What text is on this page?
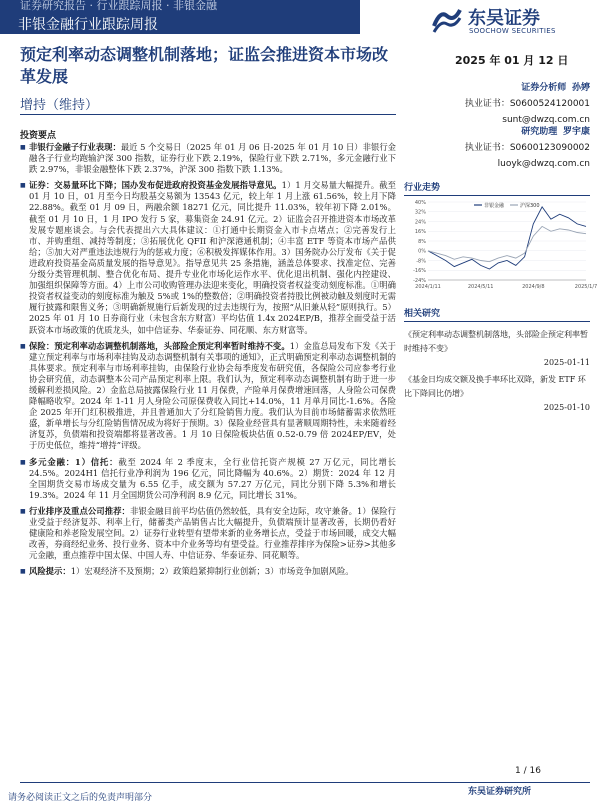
证券研究报告 · 行业跟踪周报 · 非银金融
非银金融行业跟踪周报	东吴证券
SOOCHOW SECURITIES
预定利率动态调整机制落地；证监会推进资本市场改革发展
2025 年 01 月 12 日
增持（维持）
证券分析师 孙婷
执业证书：S0600524120001
sunt@dwzq.com.cn
研究助理 罗宇康
执业证书：S0600123090002
luoyk@dwzq.com.cn
投资要点
■ 非银行金融子行业表现：最近 5 个交易日（2025 年 01 月 06 日-2025 年 01 月 10 日）非银行金融各子行业均跑输沪深 300 指数，证券行业下跌 2.19%，保险行业下跌 2.71%，多元金融行业下跌 2.97%，非银金融整体下跌 2.37%，沪深 300 指数下跌 1.13%。
■ 证券：交易量环比下降；国办发布促进政府投资基金发展指导意见。1）1 月交易量大幅提升。截至 01 月 10 日，01 月至今日均股基交易额为 13543 亿元，较上年 1 月上涨 61.56%，较上月下降 22.88%。截至 01 月 09 日，两融余额 18271 亿元，同比提升 11.03%，较年初下降 2.01%。截至 01 月 10 日，1 月 IPO 发行 5 家，募集资金 24.91 亿元。2）证监会召开推进资本市场改革发展专题座谈会。与会代表提出六大具体建议：①打通中长期资金入市卡点堵点；②完善发行上市、并购重组、减持等制度；③拓展优化 QFII 和沪深港通机制；④丰富 ETF 等资本市场产品供给；⑤加大对严重违法违规行为的惩戒力度；⑥积极发挥媒体作用。3）国务院办公厅发布《关于促进政府投资基金高质量发展的指导意见》。指导意见共 25 条措施，涵盖总体要求、找准定位、完善分级分类管理机制、整合优化布局、提升专业化市场化运作水平、优化退出机制、强化内控建设、加强组织保障等方面。4）上市公司收购管理办法迎来变化，明确投资者权益变动刻度标准。①明确投资者权益变动的刻度标准为触及 5%或 1%的整数倍；②明确投资者持股比例被动触及刻度时无需履行披露和限售义务；③明确新规施行后新发现的过去违规行为，按照“从旧兼从轻”原则执行。5）2025 年 01 月 10 日券商行业（未包含东方财富）平均估值 1.4x 2024EP/B，推荐全面受益于活跃资本市场政策的优质龙头，如中信证券、华泰证券、同花顺、东方财富等。
■ 保险：预定利率动态调整机制落地，头部险企预定利率暂时维持不变。1）金监总局发布下发《关于建立预定利率与市场利率挂钩及动态调整机制有关事项的通知》，正式明确预定利率动态调整机制的具体要求。预定利率与市场利率挂钩，由保险行业协会每季度发布研究值，各保险公司应参考行业协会研究值，动态调整本公司产品预定利率上限。我们认为，预定利率动态调整机制有助于进一步缓解利差损风险。2）金监总局披露保险行业 11 月保费，产险单月保费增速回落，人身险公司保费降幅略收窄。2024 年 1-11 月人身险公司原保费收入同比+14.0%，11 月单月同比-1.6%。各险企 2025 年开门红积极推进，并且普通加大了分红险销售力度。我们认为目前市场储蓄需求依然旺盛，新单增长与分红险销售情况成为将好于预期。3）保险业经营具有显著顺周期特性，未来随着经济复苏，负债端和投资端都将显著改善。1 月 10 日保险板块估值 0.52-0.79 倍 2024EP/EV，处于历史低位，维持“增持”评级。
■ 多元金融：1）信托：截至 2024 年 2 季度末，全行业信托资产规模 27 万亿元，同比增长 24.5%。2024H1 信托行业净利润为 196 亿元，同比降幅为 40.6%。2）期货：2024 年 12 月全国期货交易市场成交量为 6.55 亿手，成交额为 57.27 万亿元，同比分别下降 5.3%和增长 19.3%。2024 年 11 月全国期货公司净利润 8.9 亿元，同比增长 31%。
■ 行业排序及重点公司推荐：非银金融目前平均估值仍然较低，具有安全边际，攻守兼备。1）保险行业受益于经济复苏、利率上行，储蓄类产品销售占比大幅提升，负债端预计显著改善，长期仍看好健康险和养老险发展空间。2）证券行业转型有望带来新的业务增长点，受益于市场回暖，成交大幅改善，券商经纪业务、投行业务、资本中介业务等均有望受益。行业推荐排序为保险>证券>其他多元金融，重点推荐中国太保、中国人寿、中信证券、华泰证券、同花顺等。
■ 风险提示：1）宏观经济不及预期；2）政策趋紧抑制行业创新；3）市场竞争加剧风险。
行业走势
-24%
-16%
-8%
0%
8%
16%
24%
32%
40%
2024/1/11	2024/5/11	2024/9/8	2025/1/7
非银金融	沪深300
相关研究
《预定利率动态调整机制落地，头部险企预定利率暂时维持不变》
2025-01-11
《基金日均成交额及换手率环比双降，新发 ETF 环比下降同比仍增》
2025-01-10
1 / 16
东吴证券研究所
请务必阅读正文之后的免责声明部分
